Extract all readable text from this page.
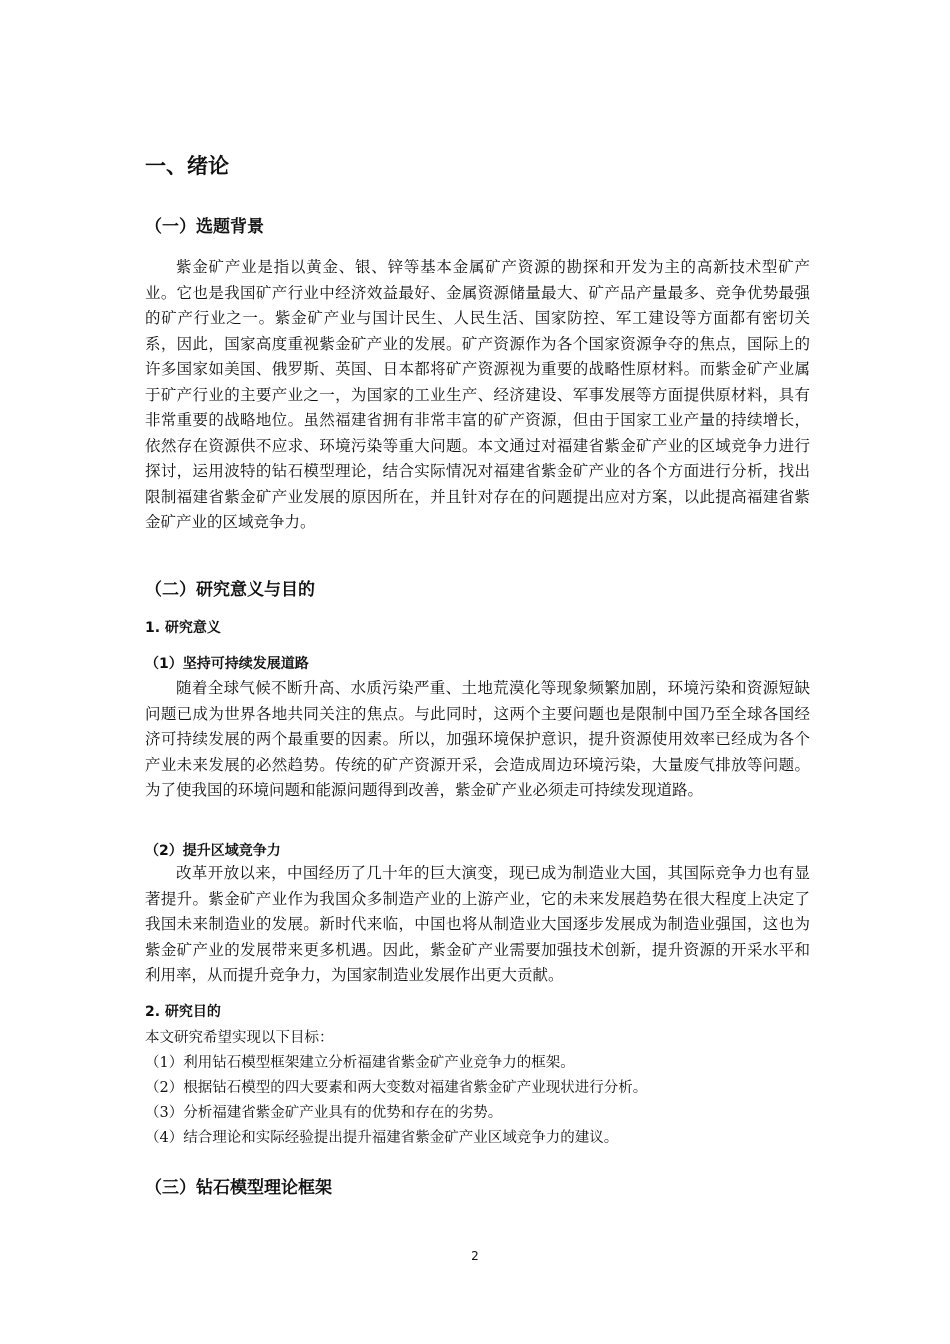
一、绪论
（一）选题背景

紫金矿产业是指以黄金、银、锌等基本金属矿产资源的勘探和开发为主的高新技术型矿产业。它也是我国矿产行业中经济效益最好、金属资源储量最大、矿产品产量最多、竞争优势最强的矿产行业之一。紫金矿产业与国计民生、人民生活、国家防控、军工建设等方面都有密切关系，因此，国家高度重视紫金矿产业的发展。矿产资源作为各个国家资源争夺的焦点，国际上的许多国家如美国、俄罗斯、英国、日本都将矿产资源视为重要的战略性原材料。而紫金矿产业属于矿产行业的主要产业之一，为国家的工业生产、经济建设、军事发展等方面提供原材料，具有非常重要的战略地位。虽然福建省拥有非常丰富的矿产资源，但由于国家工业产量的持续增长，依然存在资源供不应求、环境污染等重大问题。本文通过对福建省紫金矿产业的区域竞争力进行探讨，运用波特的钻石模型理论，结合实际情况对福建省紫金矿产业的各个方面进行分析，找出限制福建省紫金矿产业发展的原因所在，并且针对存在的问题提出应对方案，以此提高福建省紫金矿产业的区域竞争力。

（二）研究意义与目的
1. 研究意义
（1）坚持可持续发展道路

随着全球气候不断升高、水质污染严重、土地荒漠化等现象频繁加剧，环境污染和资源短缺问题已成为世界各地共同关注的焦点。与此同时，这两个主要问题也是限制中国乃至全球各国经济可持续发展的两个最重要的因素。所以，加强环境保护意识，提升资源使用效率已经成为各个产业未来发展的必然趋势。传统的矿产资源开采，会造成周边环境污染，大量废气排放等问题。为了使我国的环境问题和能源问题得到改善，紫金矿产业必须走可持续发现道路。

（2）提升区域竞争力

改革开放以来，中国经历了几十年的巨大演变，现已成为制造业大国，其国际竞争力也有显著提升。紫金矿产业作为我国众多制造产业的上游产业，它的未来发展趋势在很大程度上决定了我国未来制造业的发展。新时代来临，中国也将从制造业大国逐步发展成为制造业强国，这也为紫金矿产业的发展带来更多机遇。因此，紫金矿产业需要加强技术创新，提升资源的开采水平和利用率，从而提升竞争力，为国家制造业发展作出更大贡献。

2. 研究目的

本文研究希望实现以下目标：

（1）利用钻石模型框架建立分析福建省紫金矿产业竞争力的框架。

（2）根据钻石模型的四大要素和两大变数对福建省紫金矿产业现状进行分析。

（3）分析福建省紫金矿产业具有的优势和存在的劣势。

（4）结合理论和实际经验提出提升福建省紫金矿产业区域竞争力的建议。

（三）钻石模型理论框架
2
